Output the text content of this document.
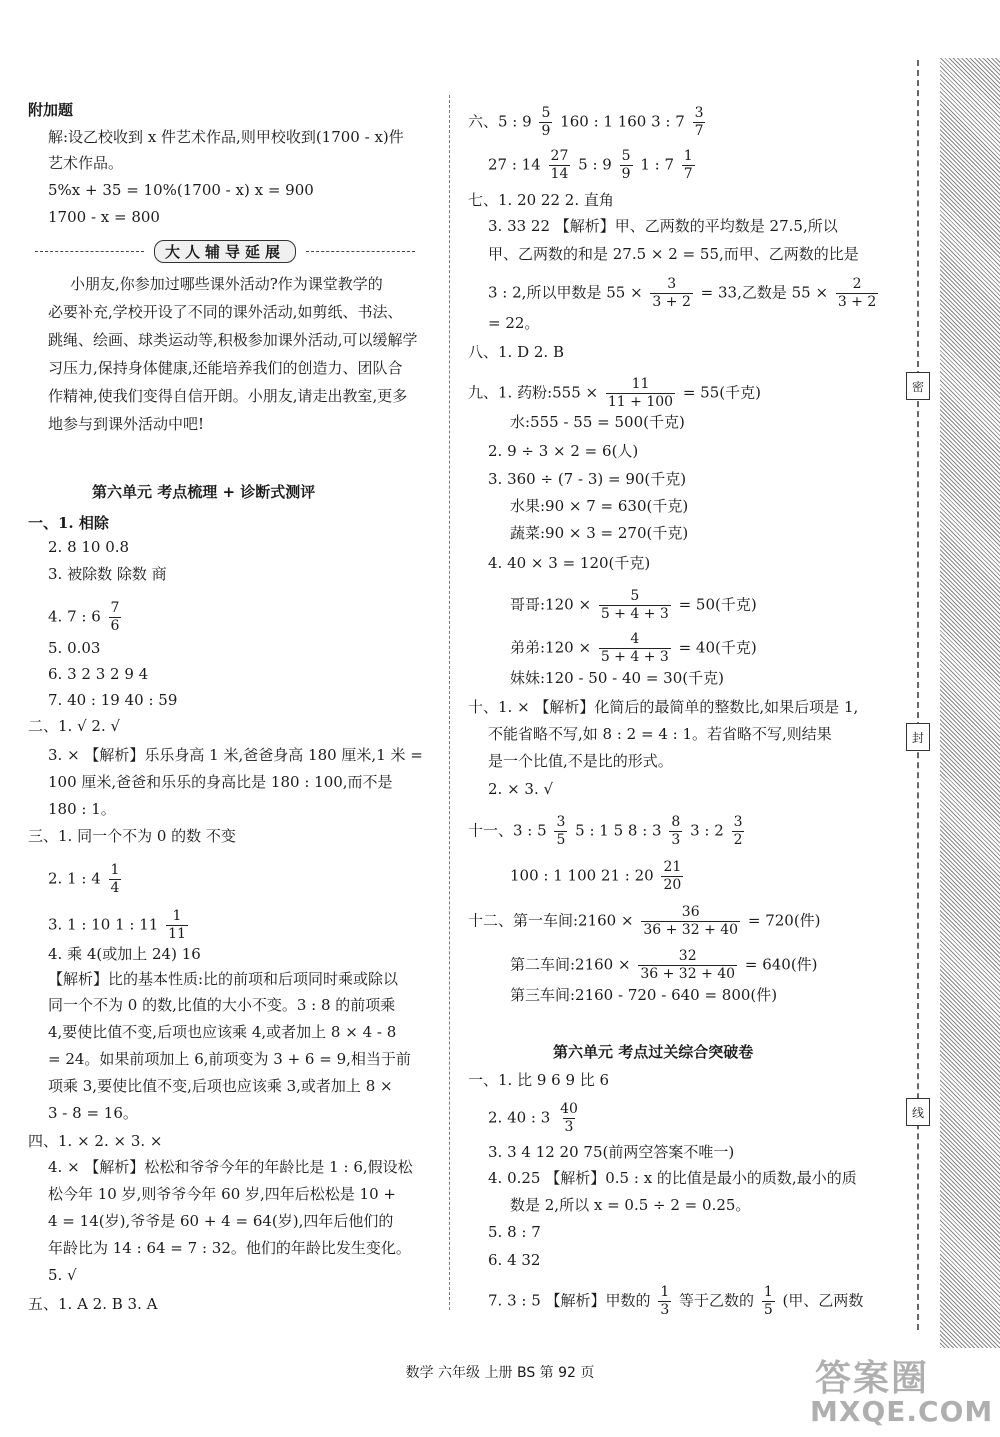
附加题
解:设乙校收到 x 件艺术作品,则甲校收到(1700 - x)件
艺术作品。
5%x + 35 = 10%(1700 - x) x = 900
1700 - x = 800
大人辅导延展
小朋友,你参加过哪些课外活动?作为课堂教学的
必要补充,学校开设了不同的课外活动,如剪纸、书法、
跳绳、绘画、球类运动等,积极参加课外活动,可以缓解学
习压力,保持身体健康,还能培养我们的创造力、团队合
作精神,使我们变得自信开朗。小朋友,请走出教室,更多
地参与到课外活动中吧!
第六单元 考点梳理 + 诊断式测评
一、1. 相除
2. 8 10 0.8
3. 被除数 除数 商
4. 7 : $6 \frac{7}{6}$
5. 0.03
6. 3 2 3 2 9 4
7. 40 : 19 40 : 59
二、1. √ 2. √
3. × 【解析】乐乐身高 1 米,爸爸身高 180 厘米,1 米 =
100 厘米,爸爸和乐乐的身高比是 180 : 100,而不是
180 : 1。
三、1. 同一个不为 0 的数 不变
2. 1 : $4 \frac{1}{4}$
3. 1 : 10 1 : $11 \frac{1}{11}$
4. 乘 4(或加上 24) 16
【解析】比的基本性质:比的前项和后项同时乘或除以
同一个不为 0 的数,比值的大小不变。3 : 8 的前项乘
4,要使比值不变,后项也应该乘 4,或者加上 8 × 4 - 8
= 24。如果前项加上 6,前项变为 3 + 6 = 9,相当于前
项乘 3,要使比值不变,后项也应该乘 3,或者加上 8 ×
3 - 8 = 16。
四、1. × 2. × 3. ×
4. × 【解析】松松和爷爷今年的年龄比是 1 : 6,假设松
松今年 10 岁,则爷爷今年 60 岁,四年后松松是 10 +
4 = 14(岁),爷爷是 60 + 4 = 64(岁),四年后他们的
年龄比为 14 : 64 = 7 : 32。他们的年龄比发生变化。
5. √
五、1. A 2. B 3. A
六、5 : $9 \frac{5}{9} 160$ : 1 160 3 : $7 \frac{3}{7}$
27 : $14 \frac{27}{14} 5$ : $9 \frac{5}{9} 1$ : $7 \frac{1}{7}$
七、1. 20 22 2. 直角
3. 33 22 【解析】甲、乙两数的平均数是 27.5,所以
甲、乙两数的和是 27.5 × 2 = 55,而甲、乙两数的比是
3 : 2,所以甲数是 $55 \times \frac{3}{3 + 2} = 33$,乙数是 $55 \times \frac{2}{3 + 2}$
= 22。
八、1. D 2. B
九、1. 药粉:555 × $\frac{11}{11 + 100} = 55$(千克)
水:555 - 55 = 500(千克)
2. 9 ÷ 3 × 2 = 6(人)
3. 360 ÷ (7 - 3) = 90(千克)
水果:90 × 7 = 630(千克)
蔬菜:90 × 3 = 270(千克)
4. 40 × 3 = 120(千克)
哥哥:120 × $\frac{5}{5 + 4 + 3} = 50$(千克)
弟弟:120 × $\frac{4}{5 + 4 + 3} = 40$(千克)
妹妹:120 - 50 - 40 = 30(千克)
十、1. × 【解析】化简后的最简单的整数比,如果后项是 1,
不能省略不写,如 8 : 2 = 4 : 1。若省略不写,则结果
是一个比值,不是比的形式。
2. × 3. √
十一、3 : $5 \frac{3}{5} 5$ : 1 5 8 : $3 \frac{8}{3} 3$ : $2 \frac{3}{2}$
100 : 1 100 21 : $20 \frac{21}{20}$
十二、第一车间:2160 × $\frac{36}{36 + 32 + 40} = 720$(件)
第二车间:2160 × $\frac{32}{36 + 32 + 40} = 640$(件)
第三车间:2160 - 720 - 640 = 800(件)
第六单元 考点过关综合突破卷
一、1. 比 9 6 9 比 6
2. 40 : $3 \frac{40}{3}$
3. 3 4 12 20 75(前两空答案不唯一)
4. 0.25 【解析】0.5 : x 的比值是最小的质数,最小的质
数是 2,所以 x = 0.5 ÷ 2 = 0.25。
5. 8 : 7
6. 4 32
7. 3 : 5 【解析】甲数的 $\frac{1}{3}$ 等于乙数的 $\frac{1}{5}$ (甲、乙两数
密
封
线
数学 六年级 上册 BS 第 92 页	答案圈
MXQE.COM
